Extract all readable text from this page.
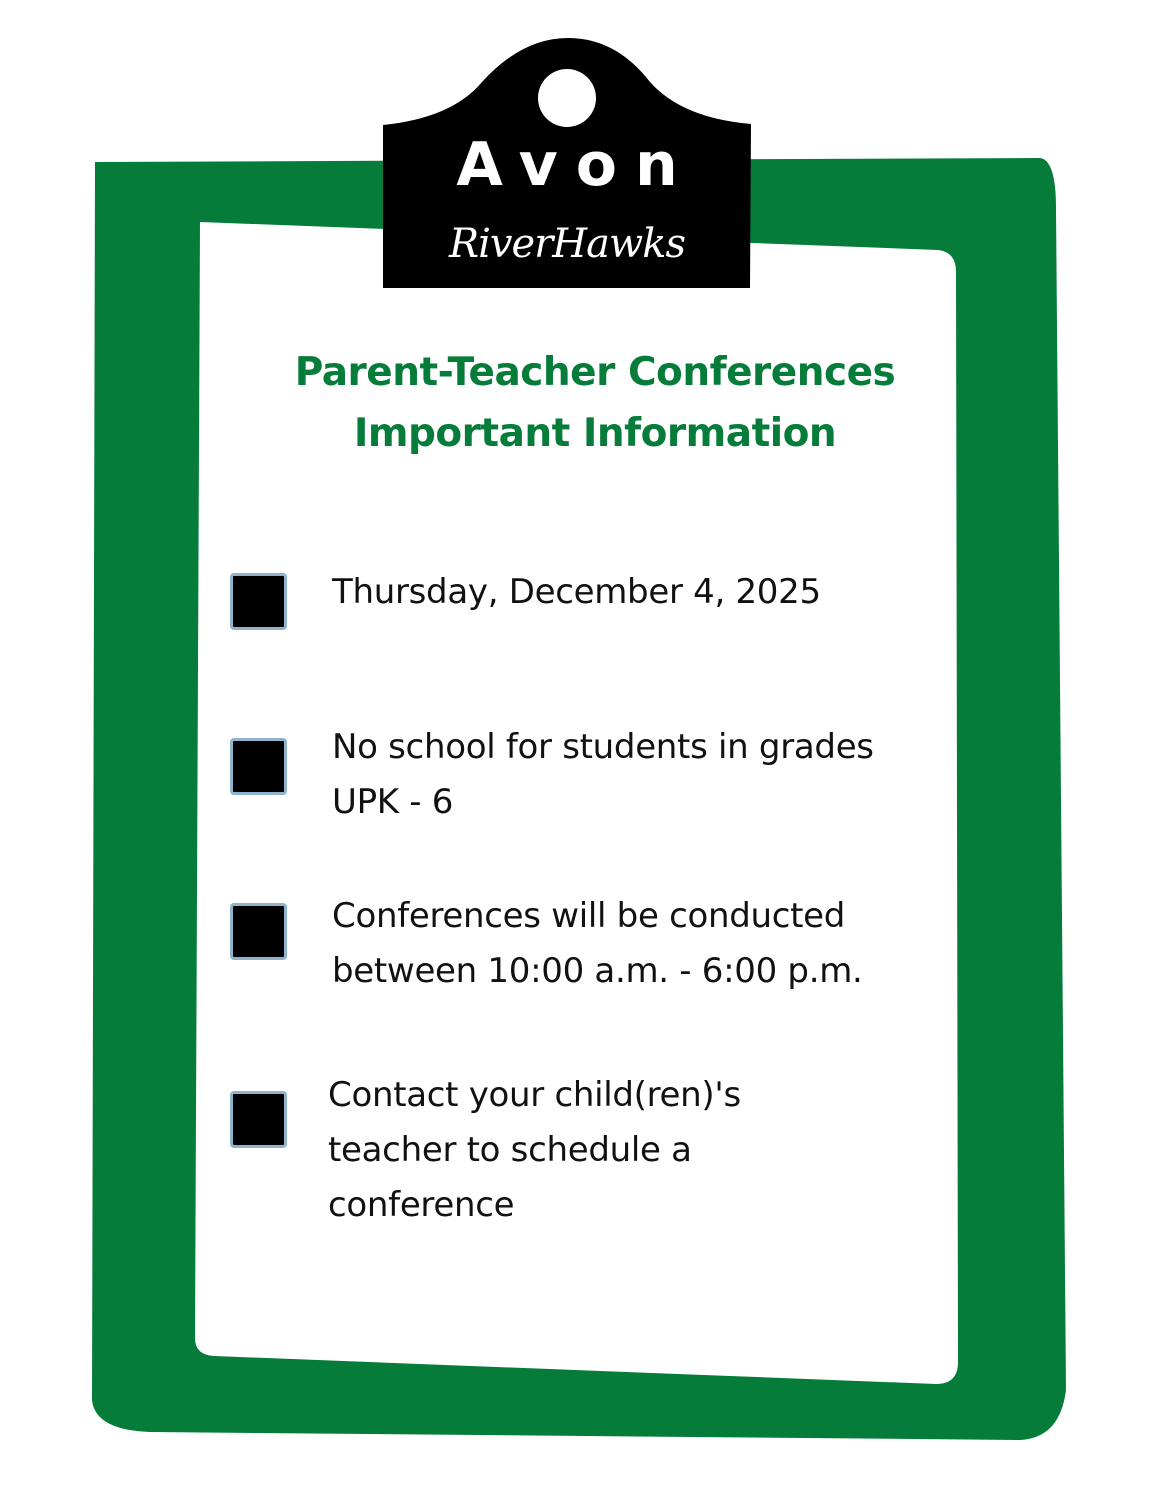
Avon
RiverHawks
Parent-Teacher Conferences
Important Information
Thursday, December 4, 2025
No school for students in grades
UPK - 6
Conferences will be conducted
between 10:00 a.m. - 6:00 p.m.
Contact your child(ren)'s
teacher to schedule a
conference
